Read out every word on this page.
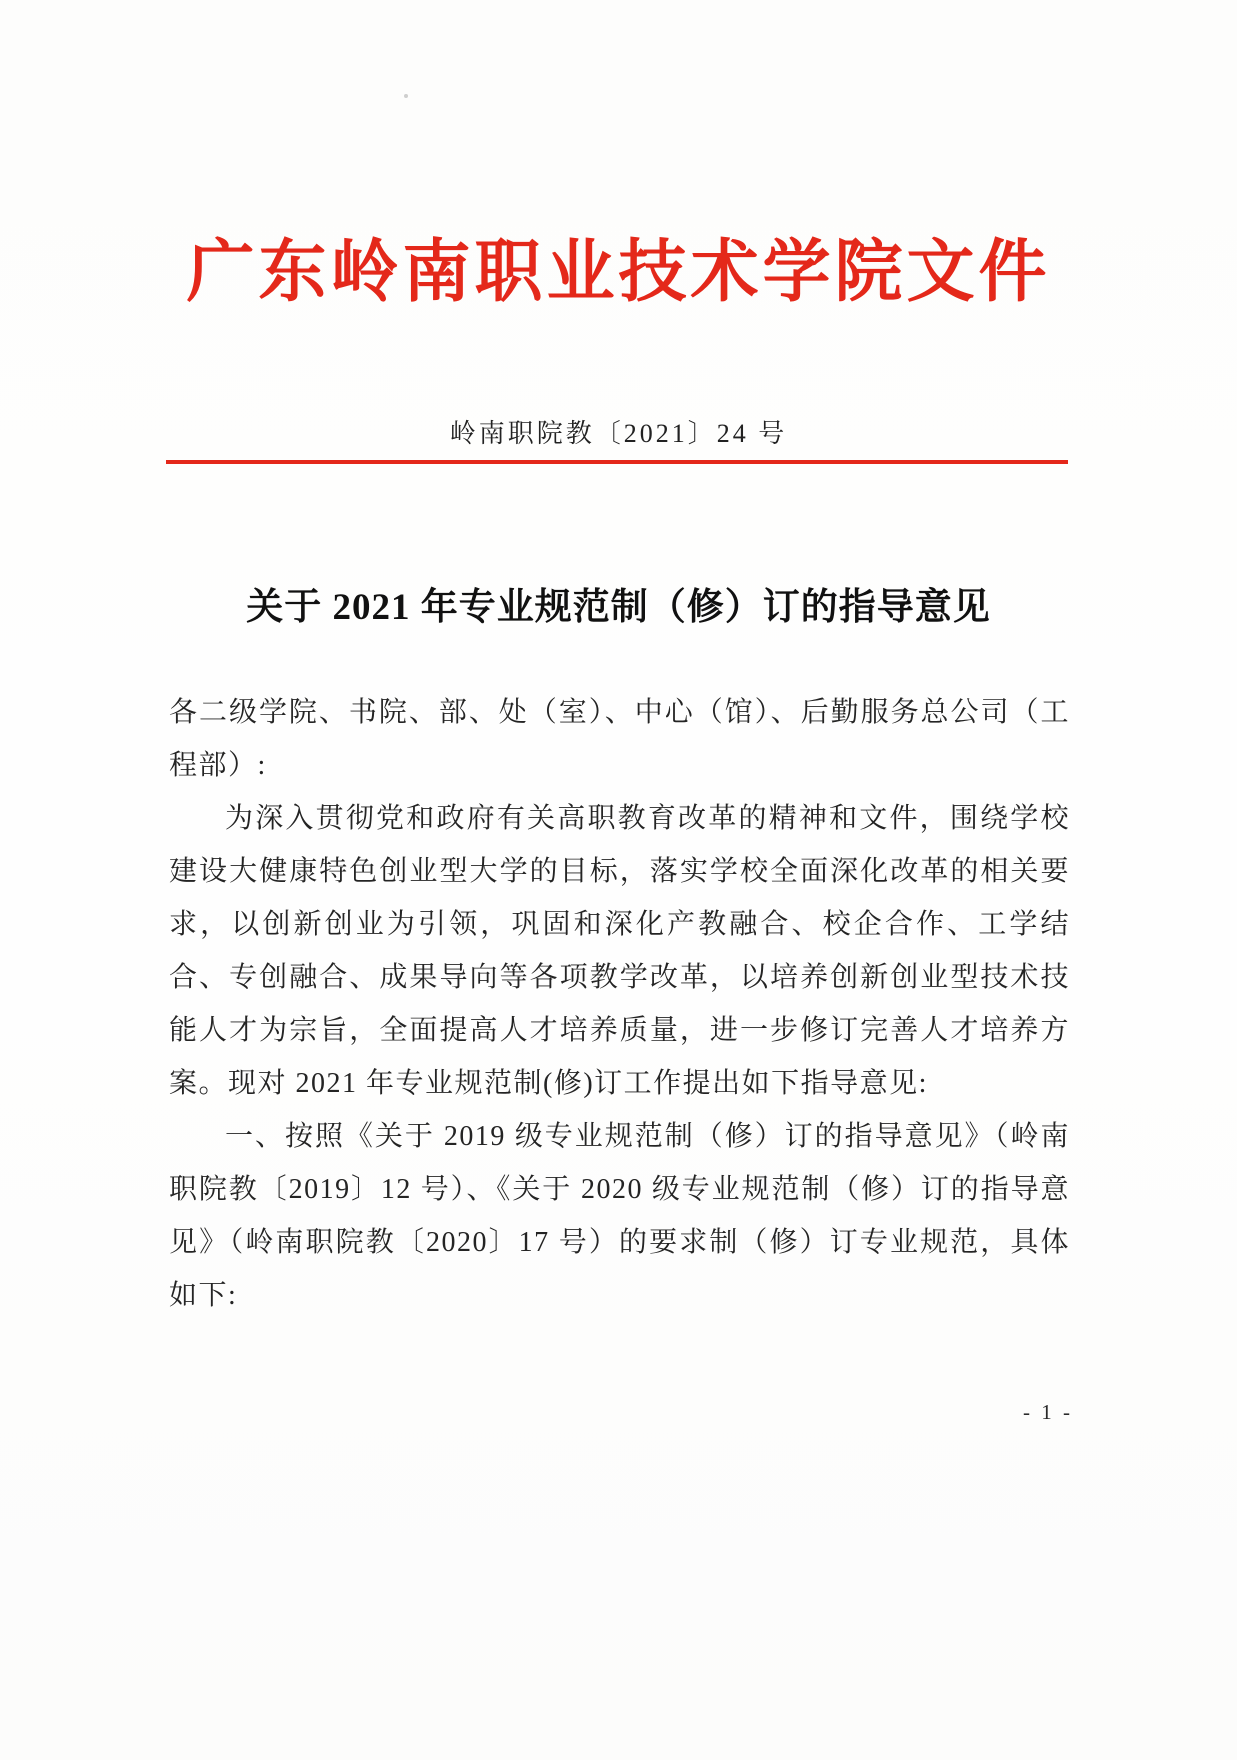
广东岭南职业技术学院文件
岭南职院教〔2021〕24 号
关于 2021 年专业规范制（修）订的指导意见

各二级学院、书院、部、处（室）、中心（馆）、后勤服务总公司（工程部）:

为深入贯彻党和政府有关高职教育改革的精神和文件，围绕学校建设大健康特色创业型大学的目标，落实学校全面深化改革的相关要求，以创新创业为引领，巩固和深化产教融合、校企合作、工学结合、专创融合、成果导向等各项教学改革，以培养创新创业型技术技能人才为宗旨，全面提高人才培养质量，进一步修订完善人才培养方案。现对 2021 年专业规范制(修)订工作提出如下指导意见:

一、按照《关于 2019 级专业规范制（修）订的指导意见》（岭南职院教〔2019〕12 号）、《关于 2020 级专业规范制（修）订的指导意见》（岭南职院教〔2020〕17 号）的要求制（修）订专业规范，具体如下:

- 1 -
